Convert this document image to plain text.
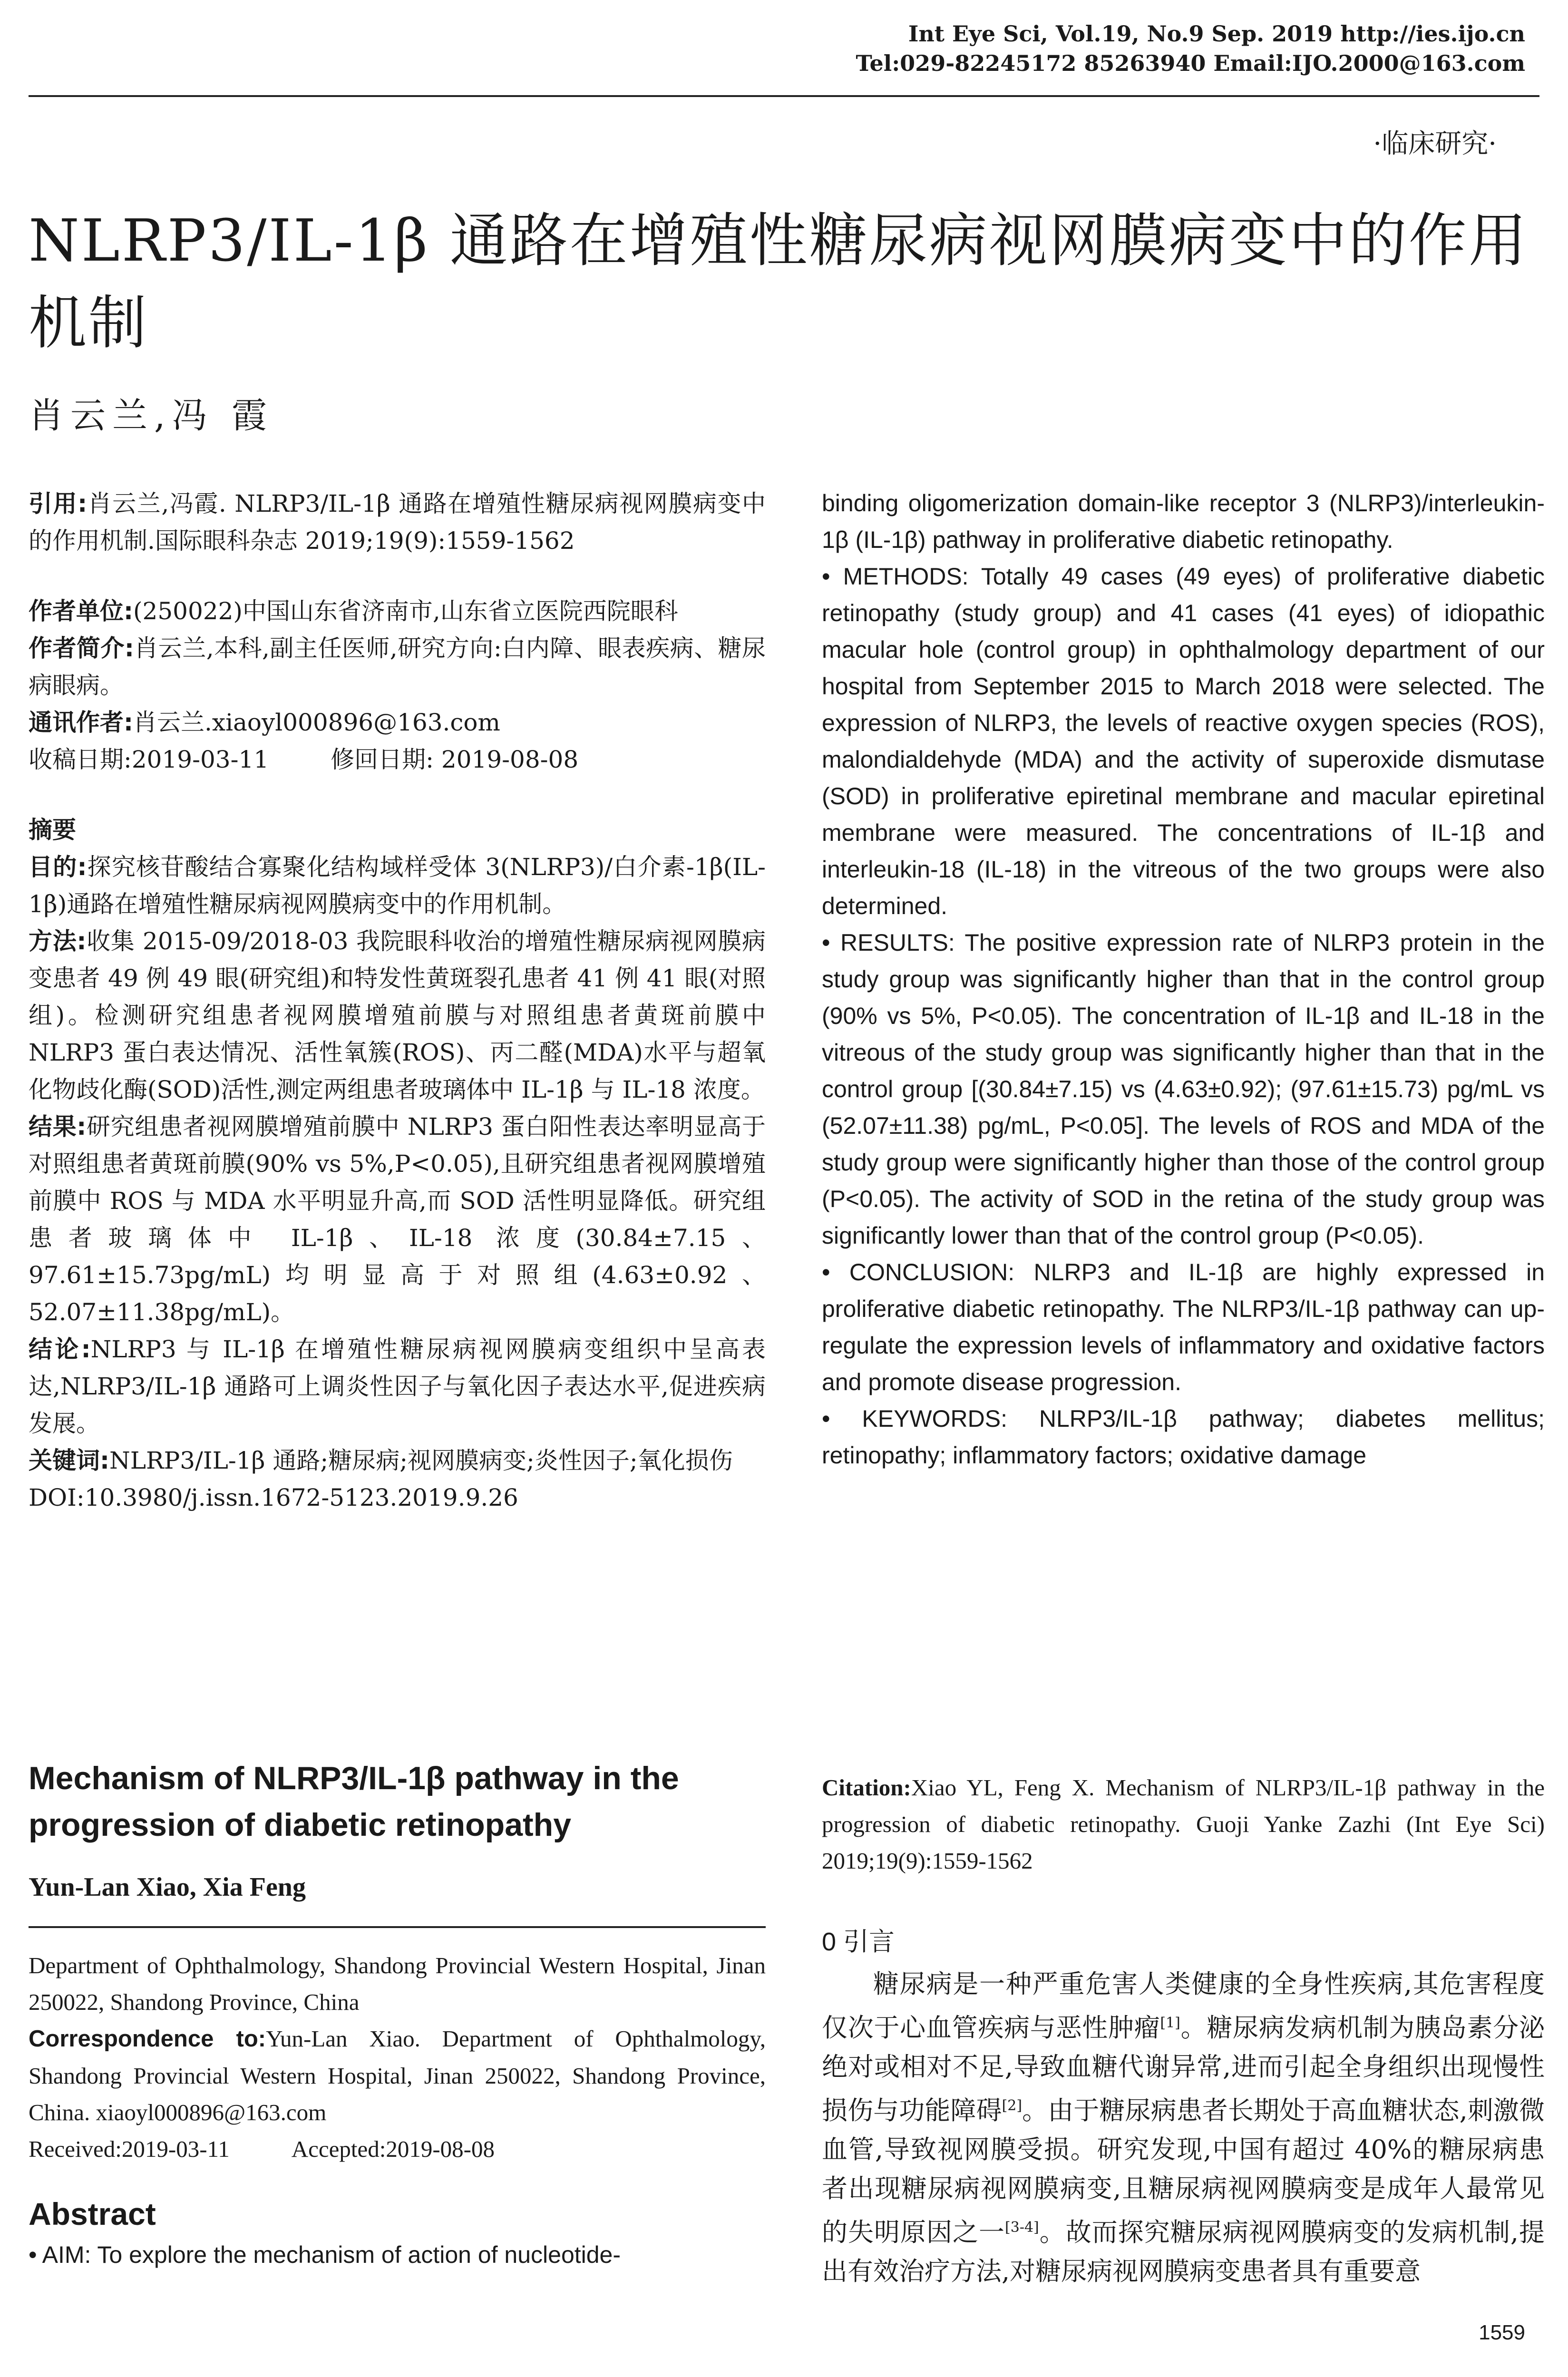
Int Eye Sci, Vol.19, No.9 Sep. 2019 http://ies.ijo.cn
Tel:029-82245172 85263940 Email:IJO.2000@163.com
·临床研究·
NLRP3/IL-1β 通路在增殖性糖尿病视网膜病变中的作用机制
肖云兰,冯 霞

引用:肖云兰,冯霞. NLRP3/IL-1β 通路在增殖性糖尿病视网膜病变中的作用机制.国际眼科杂志 2019;19(9):1559-1562

作者单位:(250022)中国山东省济南市,山东省立医院西院眼科

作者简介:肖云兰,本科,副主任医师,研究方向:白内障、眼表疾病、糖尿病眼病。

通讯作者:肖云兰.xiaoyl000896@163.com

收稿日期:2019-03-11	修回日期: 2019-08-08

摘要

目的:探究核苷酸结合寡聚化结构域样受体 3(NLRP3)/白介素-1β(IL-1β)通路在增殖性糖尿病视网膜病变中的作用机制。

方法:收集 2015-09/2018-03 我院眼科收治的增殖性糖尿病视网膜病变患者 49 例 49 眼(研究组)和特发性黄斑裂孔患者 41 例 41 眼(对照组)。检测研究组患者视网膜增殖前膜与对照组患者黄斑前膜中 NLRP3 蛋白表达情况、活性氧簇(ROS)、丙二醛(MDA)水平与超氧化物歧化酶(SOD)活性,测定两组患者玻璃体中 IL-1β 与 IL-18 浓度。

结果:研究组患者视网膜增殖前膜中 NLRP3 蛋白阳性表达率明显高于对照组患者黄斑前膜(90% vs 5%,P<0.05),且研究组患者视网膜增殖前膜中 ROS 与 MDA 水平明显升高,而 SOD 活性明显降低。研究组患者玻璃体中 IL-1β、IL-18 浓度(30.84±7.15、97.61±15.73pg/mL)均明显高于对照组(4.63±0.92、52.07±11.38pg/mL)。

结论:NLRP3 与 IL-1β 在增殖性糖尿病视网膜病变组织中呈高表达,NLRP3/IL-1β 通路可上调炎性因子与氧化因子表达水平,促进疾病发展。

关键词:NLRP3/IL-1β 通路;糖尿病;视网膜病变;炎性因子;氧化损伤

DOI:10.3980/j.issn.1672-5123.2019.9.26

Mechanism of NLRP3/IL-1β pathway in the progression of diabetic retinopathy
Yun-Lan Xiao, Xia Feng

Department of Ophthalmology, Shandong Provincial Western Hospital, Jinan 250022, Shandong Province, China

Correspondence to:Yun-Lan Xiao. Department of Ophthalmology, Shandong Provincial Western Hospital, Jinan 250022, Shandong Province, China. xiaoyl000896@163.com

Received:2019-03-11	Accepted:2019-08-08

Abstract

• AIM: To explore the mechanism of action of nucleotide-

binding oligomerization domain-like receptor 3 (NLRP3)/interleukin-1β (IL-1β) pathway in proliferative diabetic retinopathy.

• METHODS: Totally 49 cases (49 eyes) of proliferative diabetic retinopathy (study group) and 41 cases (41 eyes) of idiopathic macular hole (control group) in ophthalmology department of our hospital from September 2015 to March 2018 were selected. The expression of NLRP3, the levels of reactive oxygen species (ROS), malondialdehyde (MDA) and the activity of superoxide dismutase (SOD) in proliferative epiretinal membrane and macular epiretinal membrane were measured. The concentrations of IL-1β and interleukin-18 (IL-18) in the vitreous of the two groups were also determined.

• RESULTS: The positive expression rate of NLRP3 protein in the study group was significantly higher than that in the control group (90% vs 5%, P<0.05). The concentration of IL-1β and IL-18 in the vitreous of the study group was significantly higher than that in the control group [(30.84±7.15) vs (4.63±0.92); (97.61±15.73) pg/mL vs (52.07±11.38) pg/mL, P<0.05]. The levels of ROS and MDA of the study group were significantly higher than those of the control group (P<0.05). The activity of SOD in the retina of the study group was significantly lower than that of the control group (P<0.05).

• CONCLUSION: NLRP3 and IL-1β are highly expressed in proliferative diabetic retinopathy. The NLRP3/IL-1β pathway can up-regulate the expression levels of inflammatory and oxidative factors and promote disease progression.

• KEYWORDS: NLRP3/IL-1β pathway; diabetes mellitus; retinopathy; inflammatory factors; oxidative damage

Citation:Xiao YL, Feng X. Mechanism of NLRP3/IL-1β pathway in the progression of diabetic retinopathy. Guoji Yanke Zazhi (Int Eye Sci) 2019;19(9):1559-1562

0 引言

糖尿病是一种严重危害人类健康的全身性疾病,其危害程度仅次于心血管疾病与恶性肿瘤[1]。糖尿病发病机制为胰岛素分泌绝对或相对不足,导致血糖代谢异常,进而引起全身组织出现慢性损伤与功能障碍[2]。由于糖尿病患者长期处于高血糖状态,刺激微血管,导致视网膜受损。研究发现,中国有超过 40%的糖尿病患者出现糖尿病视网膜病变,且糖尿病视网膜病变是成年人最常见的失明原因之一[3-4]。故而探究糖尿病视网膜病变的发病机制,提出有效治疗方法,对糖尿病视网膜病变患者具有重要意

1559
